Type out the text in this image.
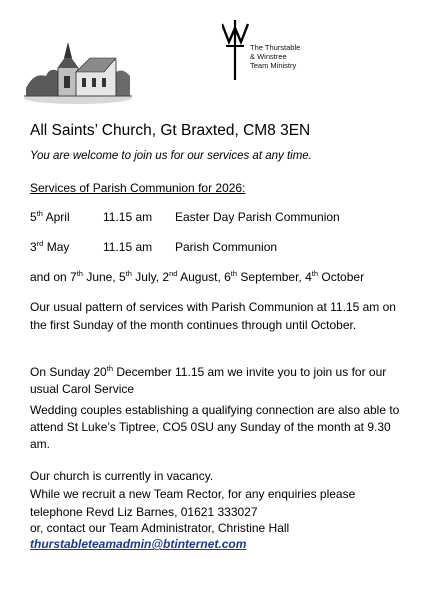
The Thurstable
& Winstree
Team Ministry
All Saints’ Church, Gt Braxted, CM8 3EN
You are welcome to join us for our services at any time.
Services of Parish Communion for 2026:
5th April	11.15 am Easter Day Parish Communion
3rd May	11.15 am Parish Communion
and on 7th June, 5th July, 2nd August, 6th September, 4th October
Our usual pattern of services with Parish Communion at 11.15 am on the first Sunday of the month continues through until October.
On Sunday 20th December 11.15 am we invite you to join us for our usual Carol Service
Wedding couples establishing a qualifying connection are also able to attend St Luke’s Tiptree, CO5 0SU any Sunday of the month at 9.30 am.
Our church is currently in vacancy.
While we recruit a new Team Rector, for any enquiries please telephone Revd Liz Barnes, 01621 333027
or, contact our Team Administrator, Christine Hall
thurstableteamadmin@btinternet.com
